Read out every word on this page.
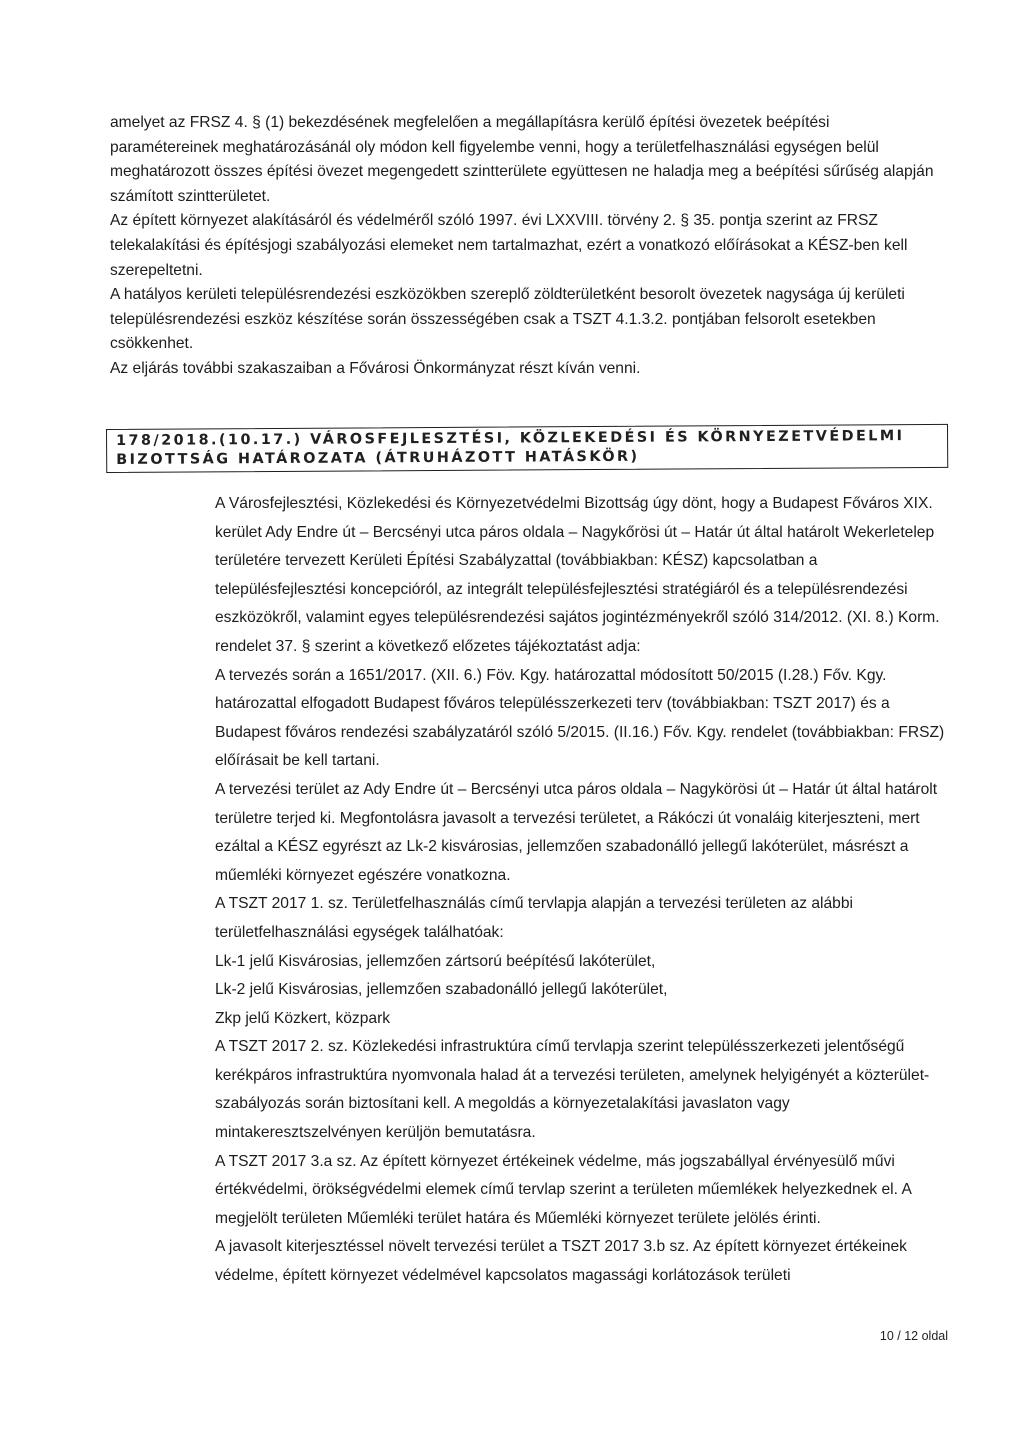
amelyet az FRSZ 4. § (1) bekezdésének megfelelően a megállapításra kerülő építési övezetek beépítési paramétereinek meghatározásánál oly módon kell figyelembe venni, hogy a területfelhasználási egységen belül meghatározott összes építési övezet megengedett szintterülete együttesen ne haladja meg a beépítési sűrűség alapján számított szintterületet.

Az épített környezet alakításáról és védelméről szóló 1997. évi LXXVIII. törvény 2. § 35. pontja szerint az FRSZ telekalakítási és építésjogi szabályozási elemeket nem tartalmazhat, ezért a vonatkozó előírásokat a KÉSZ-ben kell szerepeltetni.

A hatályos kerületi településrendezési eszközökben szereplő zöldterületként besorolt övezetek nagysága új kerületi településrendezési eszköz készítése során összességében csak a TSZT 4.1.3.2. pontjában felsorolt esetekben csökkenhet.

Az eljárás további szakaszaiban a Fővárosi Önkormányzat részt kíván venni.

178/2018.(10.17.) VÁROSFEJLESZTÉSI, KÖZLEKEDÉSI ÉS KÖRNYEZETVÉDELMI BIZOTTSÁG HATÁROZATA (ÁTRUHÁZOTT HATÁSKÖR)

A Városfejlesztési, Közlekedési és Környezetvédelmi Bizottság úgy dönt, hogy a Budapest Főváros XIX. kerület Ady Endre út – Bercsényi utca páros oldala – Nagykőrösi út – Határ út által határolt Wekerletelep területére tervezett Kerületi Építési Szabályzattal (továbbiakban: KÉSZ) kapcsolatban a településfejlesztési koncepcióról, az integrált településfejlesztési stratégiáról és a településrendezési eszközökről, valamint egyes településrendezési sajátos jogintézményekről szóló 314/2012. (XI. 8.) Korm. rendelet 37. § szerint a következő előzetes tájékoztatást adja:

A tervezés során a 1651/2017. (XII. 6.) Föv. Kgy. határozattal módosított 50/2015 (I.28.) Főv. Kgy. határozattal elfogadott Budapest főváros településszerkezeti terv (továbbiakban: TSZT 2017) és a Budapest főváros rendezési szabályzatáról szóló 5/2015. (II.16.) Főv. Kgy. rendelet (továbbiakban: FRSZ) előírásait be kell tartani.

A tervezési terület az Ady Endre út – Bercsényi utca páros oldala – Nagykörösi út – Határ út által határolt területre terjed ki. Megfontolásra javasolt a tervezési területet, a Rákóczi út vonaláig kiterjeszteni, mert ezáltal a KÉSZ egyrészt az Lk-2 kisvárosias, jellemzően szabadonálló jellegű lakóterület, másrészt a műemléki környezet egészére vonatkozna.

A TSZT 2017 1. sz. Területfelhasználás című tervlapja alapján a tervezési területen az alábbi területfelhasználási egységek találhatóak:

Lk-1 jelű Kisvárosias, jellemzően zártsorú beépítésű lakóterület,

Lk-2 jelű Kisvárosias, jellemzően szabadonálló jellegű lakóterület,

Zkp jelű Közkert, közpark

A TSZT 2017 2. sz. Közlekedési infrastruktúra című tervlapja szerint településszerkezeti jelentőségű kerékpáros infrastruktúra nyomvonala halad át a tervezési területen, amelynek helyigényét a közterület-szabályozás során biztosítani kell. A megoldás a környezetalakítási javaslaton vagy mintakeresztszelvényen kerüljön bemutatásra.

A TSZT 2017 3.a sz. Az épített környezet értékeinek védelme, más jogszabállyal érvényesülő művi értékvédelmi, örökségvédelmi elemek című tervlap szerint a területen műemlékek helyezkednek el. A megjelölt területen Műemléki terület határa és Műemléki környezet területe jelölés érinti.

A javasolt kiterjesztéssel növelt tervezési terület a TSZT 2017 3.b sz. Az épített környezet értékeinek védelme, épített környezet védelmével kapcsolatos magassági korlátozások területi

10 / 12 oldal
